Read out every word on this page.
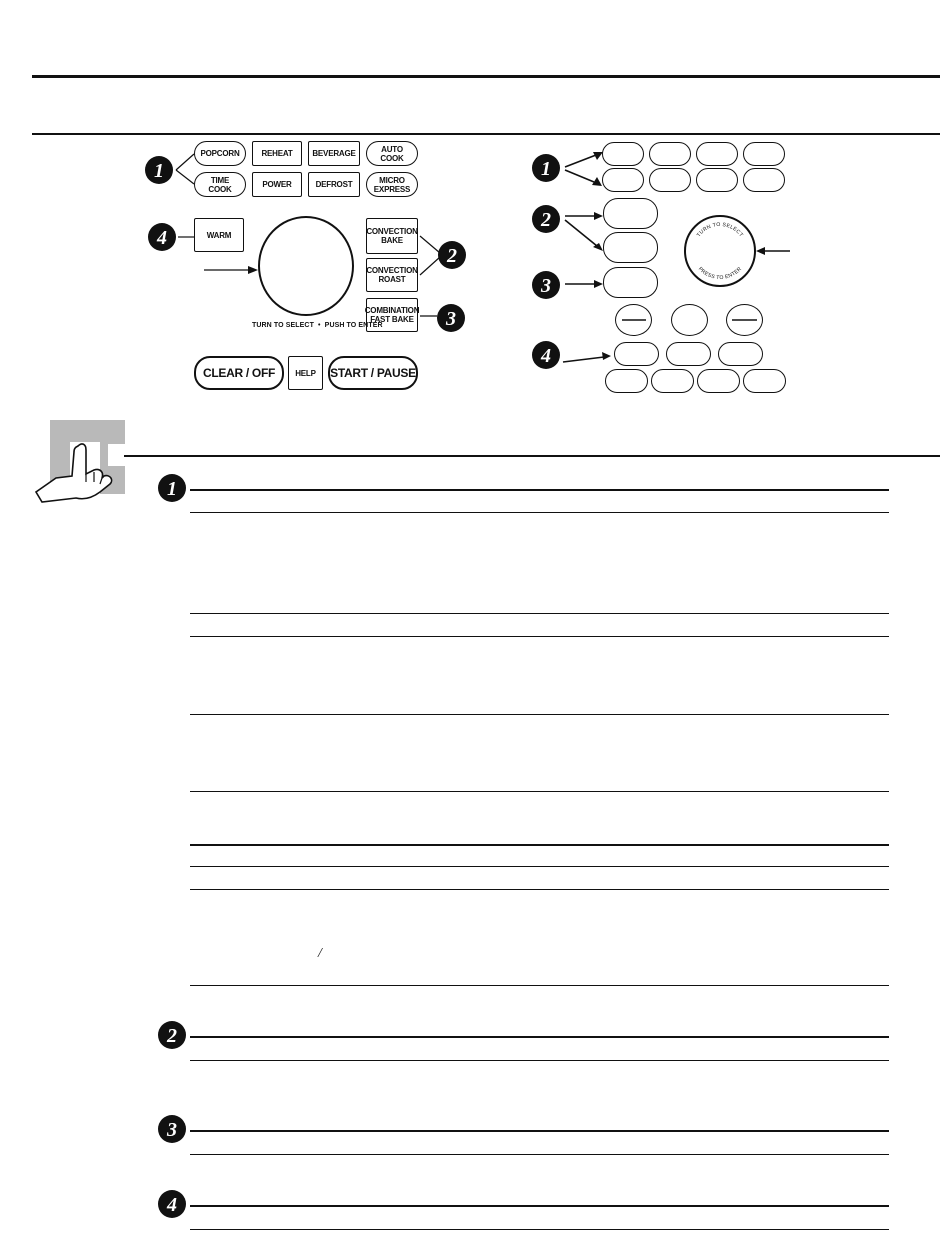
POPCORN	REHEAT	BEVERAGE	AUTO
COOK
TIME
COOK	POWER	DEFROST	MICRO
EXPRESS
WARM	CONVECTION
BAKE
CONVECTION
ROAST
COMBINATION
FAST BAKE
TURN TO SELECT  •  PUSH TO ENTER
CLEAR / OFF	HELP	START / PAUSE
1
4
2
3
TURN TO SELECT
PRESS TO ENTER
1
2
3
4
/
1
2
3
4
